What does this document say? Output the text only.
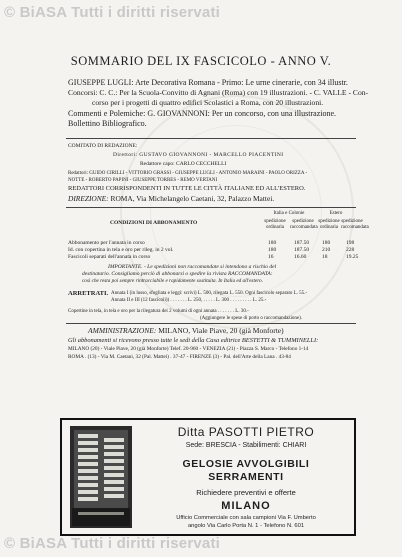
© BiASA Tutti i diritti riservati
SOMMARIO DEL IX FASCICOLO - ANNO V.
GIUSEPPE LUGLI: Arte Decorativa Romana - Primo: Le urne cinerarie, con 34 illustr.
Concorsi: C. C.: Per la Scuola-Convitto di Agnani (Roma) con 19 illustrazioni. - C. VALLE - Con-
corso per i progetti di quattro edifici Scolastici a Roma, con 20 illustrazioni.
Commenti e Polemiche: G. GIOVANNONI: Per un concorso, con una illustrazione.
Bollettino Bibliografico.
COMITATO DI REDAZIONE:
Direttori: GUSTAVO GIOVANNONI - MARCELLO PIACENTINI
Redattore capo: CARLO CECCHELLI
Redattori: GUIDO CIRILLI - VITTORIO GRASSI - GIUSEPPE LUGLI - ANTONIO MARAINI - PAOLO ORIZZA -
NOTTE - ROBERTO PAPINI - GIUSEPPE TORRES - REMO VERTANI
REDATTORI CORRISPONDENTI IN TUTTE LE CITTÀ ITALIANE ED ALL'ESTERO.
DIREZIONE: ROMA, Via Michelangelo Caetani, 32, Palazzo Mattei.
CONDIZIONI DI ABBONAMENTO
Italia e Colonie	Estero
spedizione ordinaria
spedizione raccomandata
spedizione ordinaria
spedizione raccomandata
Abbonamento per l'annata in corso	180	187.50 180	198
Id. con copertina in tela e oro per rileg. in 2 vol.	180	187.50 210	228
Fascicoli separati dell'annata in corso	16	16.60	18	19.25
IMPORTANTE. - Le spedizioni non raccomandate si intendono a rischio del
destinatario. Consigliamo perciò di abbonarsi o spedire la rivista RACCOMANDATA:
così che resta poi sempre rintracciabile e rapidamente sostituita. In Italia ed all'estero.
ARRETRATI. Annata I (in lusso, sfogliata e leggi: scrivi) L. 500, rilegata L. 550. Ogni fascicolo separato L. 55.-
Annata II e III (12 fascicoli)) . . . . . . . L. 250, . . . . . L. 300 . . . . . . . . . L. 25.-
Copertine in tela, in tela e oro per la rilegatura dei 2 volumi di ogni annata . . . . . . . L. 30.-
(Aggiungere le spese di porto o raccomandazione).
AMMINISTRAZIONE: MILANO, Viale Piave, 20 (già Monforte)
Gli abbonamenti si ricevono presso tutte le sedi della Casa editrice BESTETTI & TUMMINELLI:
MILANO (20) - Viale Piave, 20 (già Monforte) Telef. 20-960 - VENEZIA (21) - Piazza S. Marco - Telefono 1-14
ROMA . (13) - Via M. Caetani, 32 (Pal. Mattei) . 37-47 - FIRENZE (3) - Pal. dell'Arte della Lana . 43-84
Ditta PASOTTI PIETRO
Sede: BRESCIA - Stabilimenti: CHIARI
GELOSIE AVVOLGIBILI
SERRAMENTI
Richiedere preventivi e offerte
MILANO
Ufficio Commerciale con sala campioni Via F. Umberto
angolo Via Carlo Porta N. 1 - Telefono N. 601
© BiASA Tutti i diritti riservati
